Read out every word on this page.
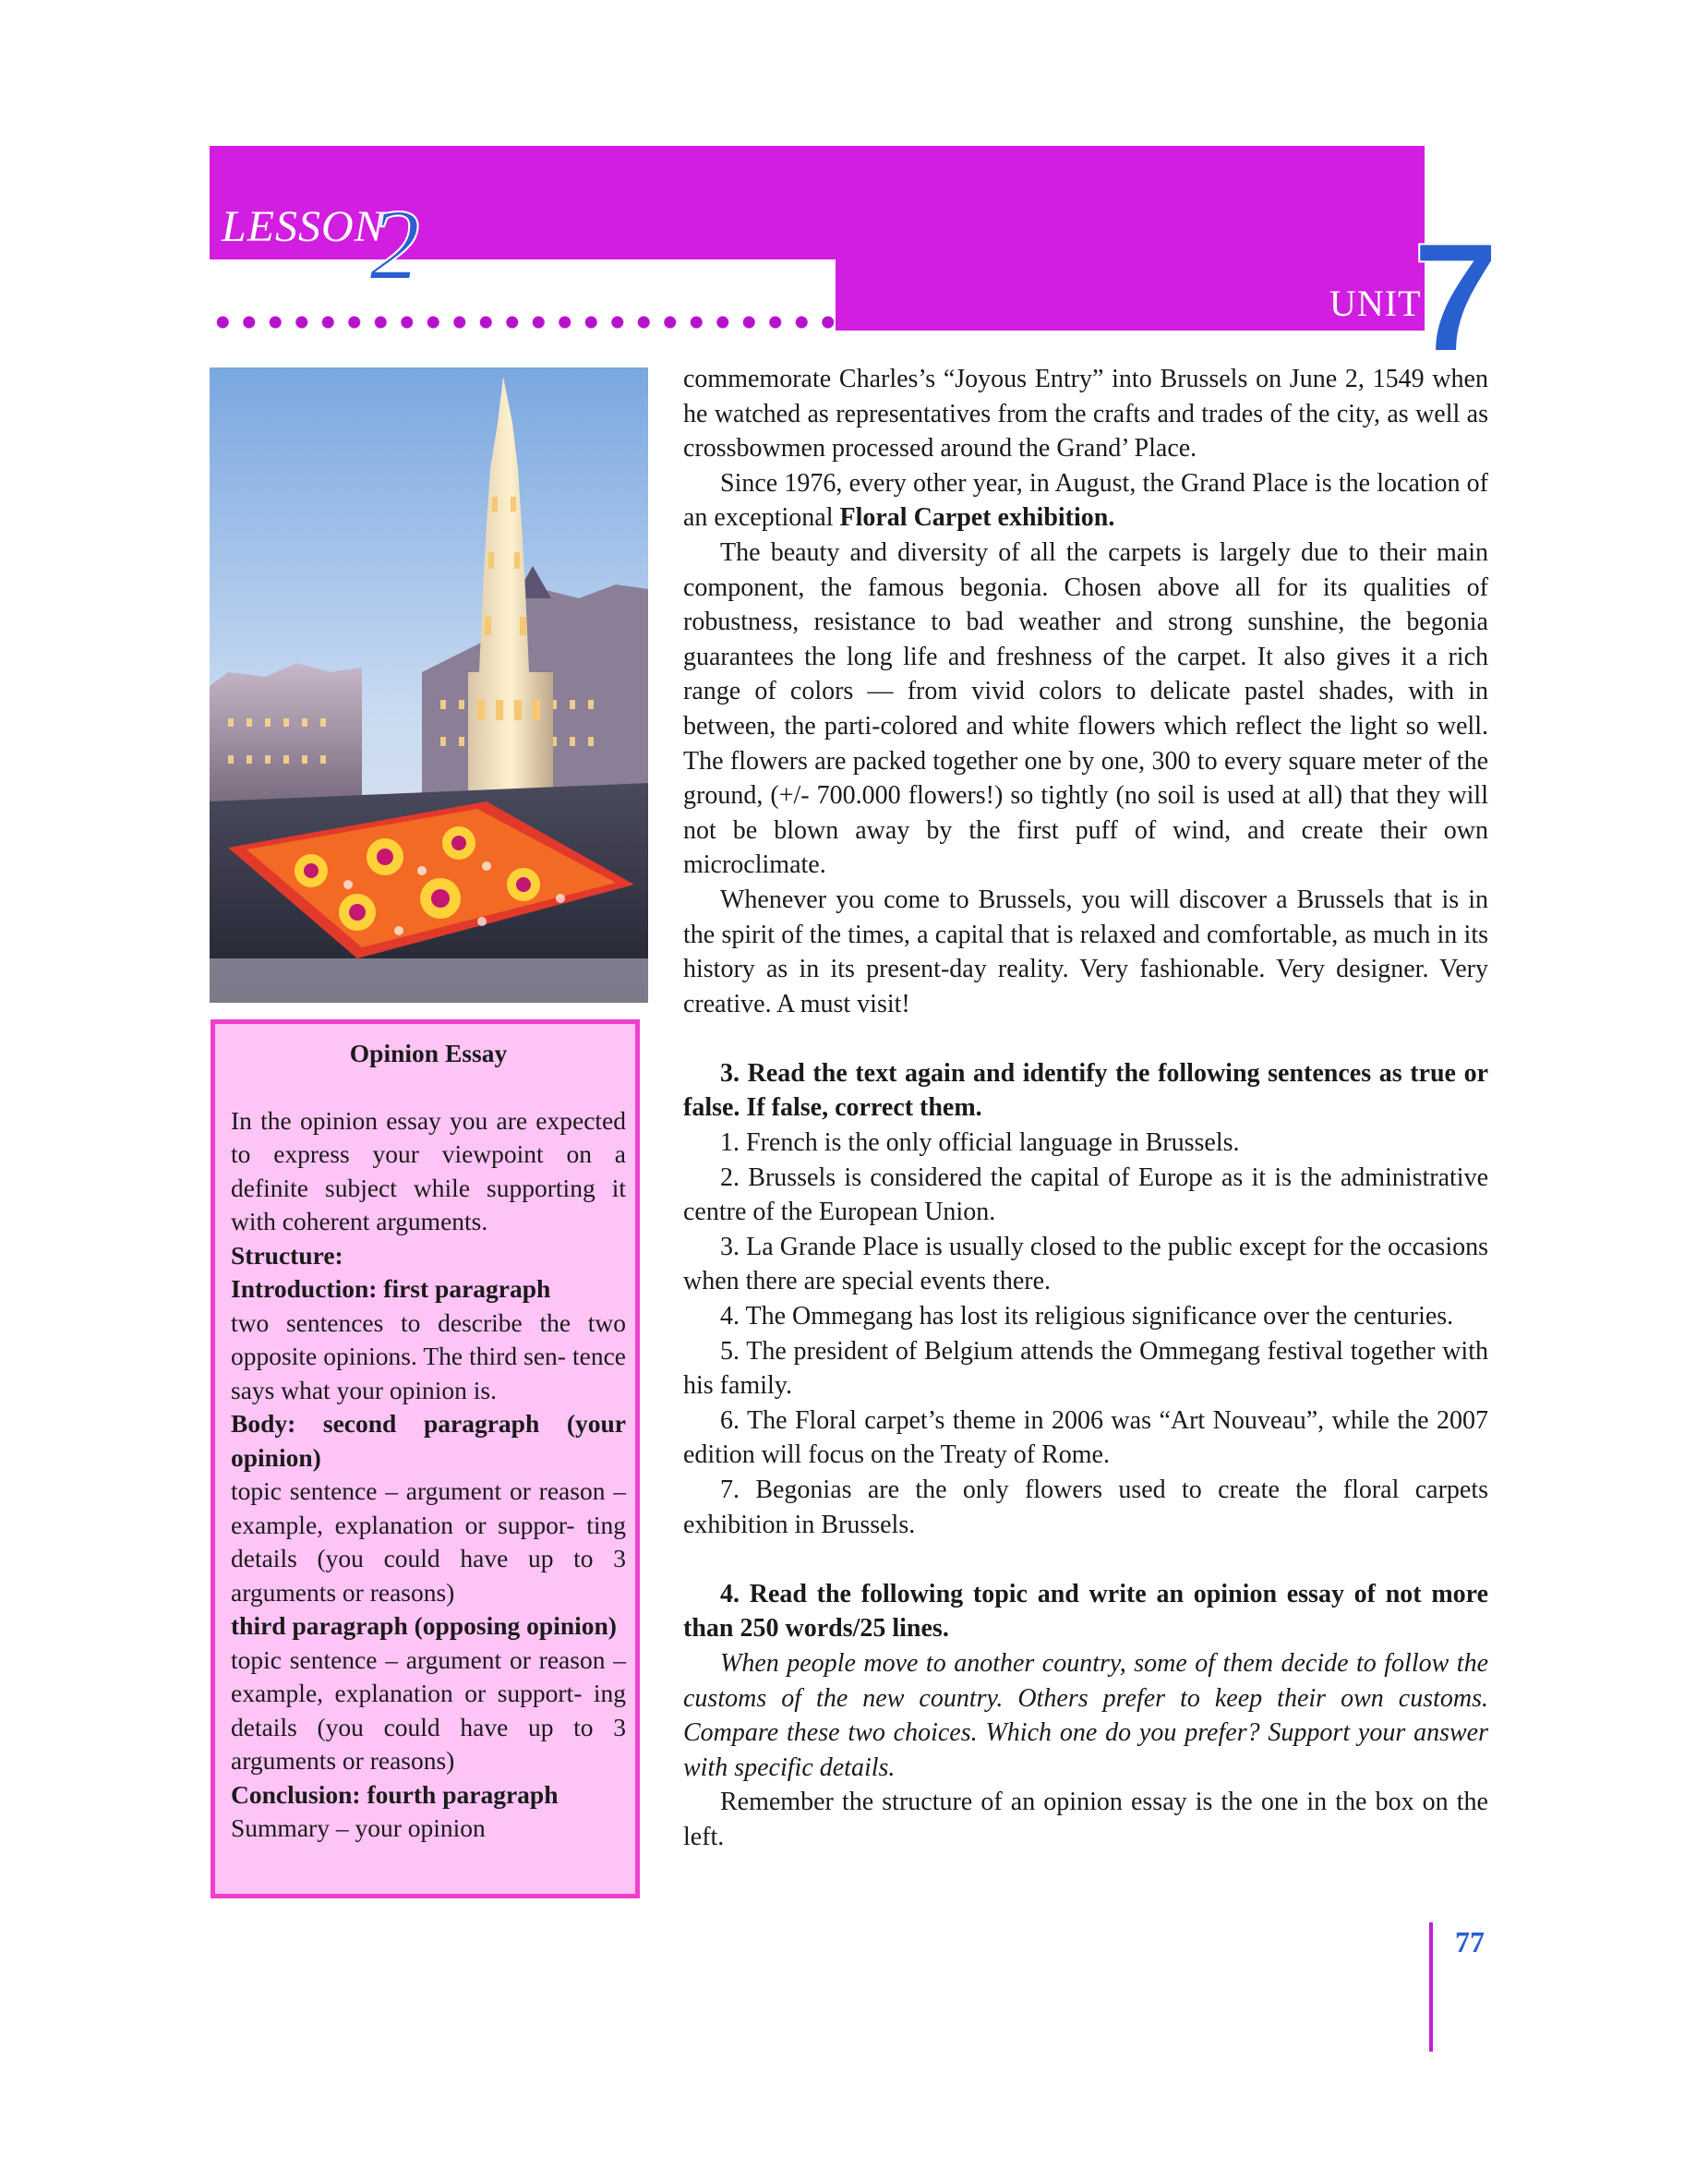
LESSON
2
UNIT
7

Opinion Essay

In the opinion essay you are expected to express your viewpoint on a definite subject while supporting it with coherent arguments.

Structure:

Introduction: first paragraph

two sentences to describe the two opposite opinions. The third sen- tence says what your opinion is.

Body: second paragraph (your opinion)

topic sentence – argument or reason – example, explanation or suppor- ting details (you could have up to 3 arguments or reasons)

third paragraph (opposing opinion)

topic sentence – argument or reason – example, explanation or support- ing details (you could have up to 3 arguments or reasons)

Conclusion: fourth paragraph

Summary – your opinion

commemorate Charles’s “Joyous Entry” into Brussels on June 2, 1549 when he watched as representatives from the crafts and trades of the city, as well as crossbowmen processed around the Grand’ Place.

Since 1976, every other year, in August, the Grand Place is the location of an exceptional Floral Carpet exhibition.

The beauty and diversity of all the carpets is largely due to their main component, the famous begonia. Chosen above all for its qualities of robustness, resistance to bad weather and strong sunshine, the begonia guarantees the long life and freshness of the carpet. It also gives it a rich range of colors — from vivid colors to delicate pastel shades, with in between, the parti-colored and white flowers which reflect the light so well. The flowers are packed together one by one, 300 to every square meter of the ground, (+/- 700.000 flowers!) so tightly (no soil is used at all) that they will not be blown away by the first puff of wind, and create their own microclimate.

Whenever you come to Brussels, you will discover a Brussels that is in the spirit of the times, a capital that is relaxed and comfortable, as much in its history as in its present-day reality. Very fashionable. Very designer. Very creative. A must visit!

3. Read the text again and identify the following sentences as true or false. If false, correct them.

1. French is the only official language in Brussels.

2. Brussels is considered the capital of Europe as it is the administrative centre of the European Union.

3. La Grande Place is usually closed to the public except for the occasions when there are special events there.

4. The Ommegang has lost its religious significance over the centuries.

5. The president of Belgium attends the Ommegang festival together with his family.

6. The Floral carpet’s theme in 2006 was “Art Nouveau”, while the 2007 edition will focus on the Treaty of Rome.

7. Begonias are the only flowers used to create the floral carpets exhibition in Brussels.

4. Read the following topic and write an opinion essay of not more than 250 words/25 lines.

When people move to another country, some of them decide to follow the customs of the new country. Others prefer to keep their own customs. Compare these two choices. Which one do you prefer? Support your answer with specific details.

Remember the structure of an opinion essay is the one in the box on the left.

77
